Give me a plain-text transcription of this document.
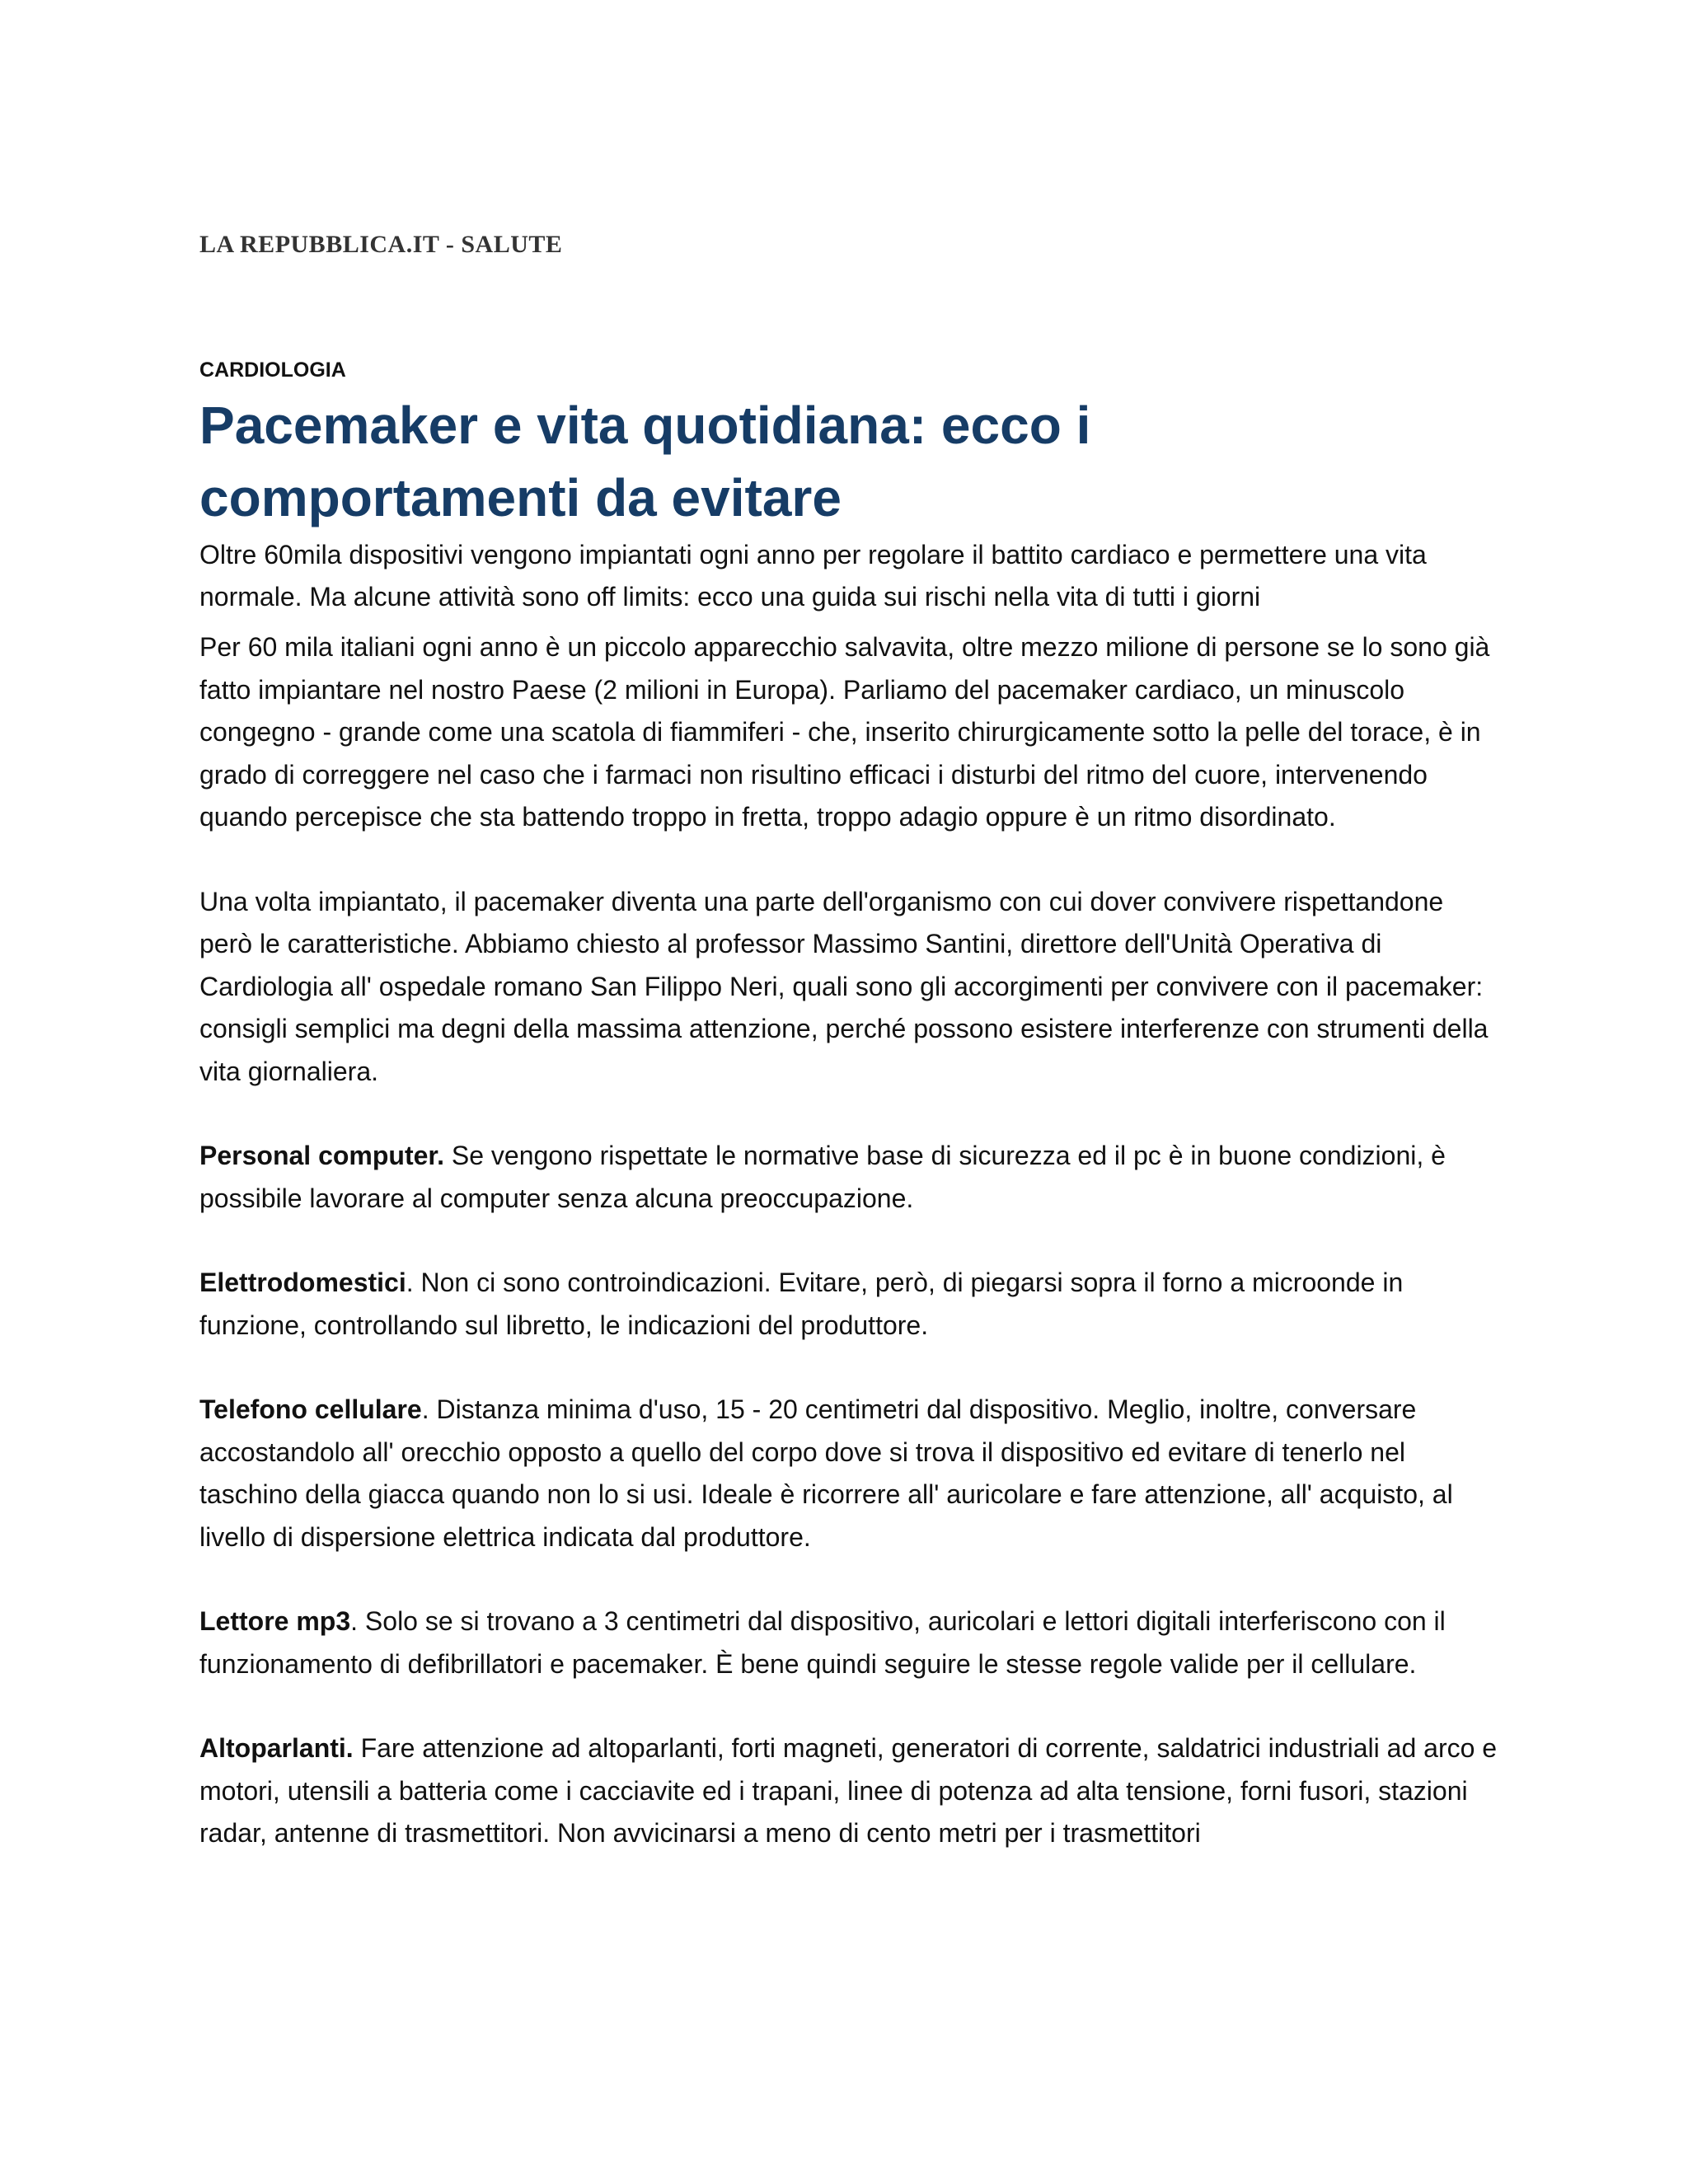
LA REPUBBLICA.IT - SALUTE

CARDIOLOGIA

Pacemaker e vita quotidiana: ecco i comportamenti da evitare

Oltre 60mila dispositivi vengono impiantati ogni anno per regolare il battito cardiaco e permettere una vita normale. Ma alcune attività sono off limits: ecco una guida sui rischi nella vita di tutti i giorni

Per 60 mila italiani ogni anno è un piccolo apparecchio salvavita, oltre mezzo milione di persone se lo sono già fatto impiantare nel nostro Paese (2 milioni in Europa). Parliamo del pacemaker cardiaco, un minuscolo congegno - grande come una scatola di fiammiferi - che, inserito chirurgicamente sotto la pelle del torace, è in grado di correggere nel caso che i farmaci non risultino efficaci i disturbi del ritmo del cuore, intervenendo quando percepisce che sta battendo troppo in fretta, troppo adagio oppure è un ritmo disordinato.

Una volta impiantato, il pacemaker diventa una parte dell'organismo con cui dover convivere rispettandone però le caratteristiche. Abbiamo chiesto al professor Massimo Santini, direttore dell'Unità Operativa di Cardiologia all' ospedale romano San Filippo Neri, quali sono gli accorgimenti per convivere con il pacemaker: consigli semplici ma degni della massima attenzione, perché possono esistere interferenze con strumenti della vita giornaliera.

Personal computer. Se vengono rispettate le normative base di sicurezza ed il pc è in buone condizioni, è possibile lavorare al computer senza alcuna preoccupazione.

Elettrodomestici. Non ci sono controindicazioni. Evitare, però, di piegarsi sopra il forno a microonde in funzione, controllando sul libretto, le indicazioni del produttore.

Telefono cellulare. Distanza minima d'uso, 15 - 20 centimetri dal dispositivo. Meglio, inoltre, conversare accostandolo all' orecchio opposto a quello del corpo dove si trova il dispositivo ed evitare di tenerlo nel taschino della giacca quando non lo si usi. Ideale è ricorrere all' auricolare e fare attenzione, all' acquisto, al livello di dispersione elettrica indicata dal produttore.

Lettore mp3. Solo se si trovano a 3 centimetri dal dispositivo, auricolari e lettori digitali interferiscono con il funzionamento di defibrillatori e pacemaker. È bene quindi seguire le stesse regole valide per il cellulare.

Altoparlanti. Fare attenzione ad altoparlanti, forti magneti, generatori di corrente, saldatrici industriali ad arco e motori, utensili a batteria come i cacciavite ed i trapani, linee di potenza ad alta tensione, forni fusori, stazioni radar, antenne di trasmettitori. Non avvicinarsi a meno di cento metri per i trasmettitori
